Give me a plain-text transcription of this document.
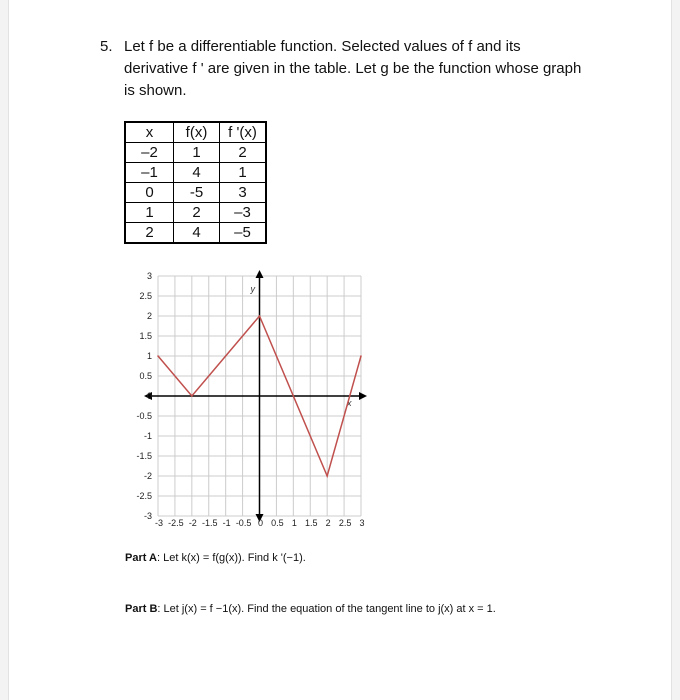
5. Let f be a differentiable function. Selected values of f and its
derivative f ' are given in the table. Let g be the function whose graph
is shown.
x	f(x)	f '(x)
–2	1	2
–1	4	1
0	-5	3
1	2	–3
2	4	–5
y
x
3
2.5
2
1.5
1
0.5
0
-0.5
-1
-1.5
-2
-2.5
-3
-3 -2.5 -2 -1.5 -1 -0.5 0 0.5 1 1.5 2 2.5 3
Part A: Let k(x) = f(g(x)). Find k '(−1).
Part B: Let j(x) = f −1(x). Find the equation of the tangent line to j(x) at x = 1.
